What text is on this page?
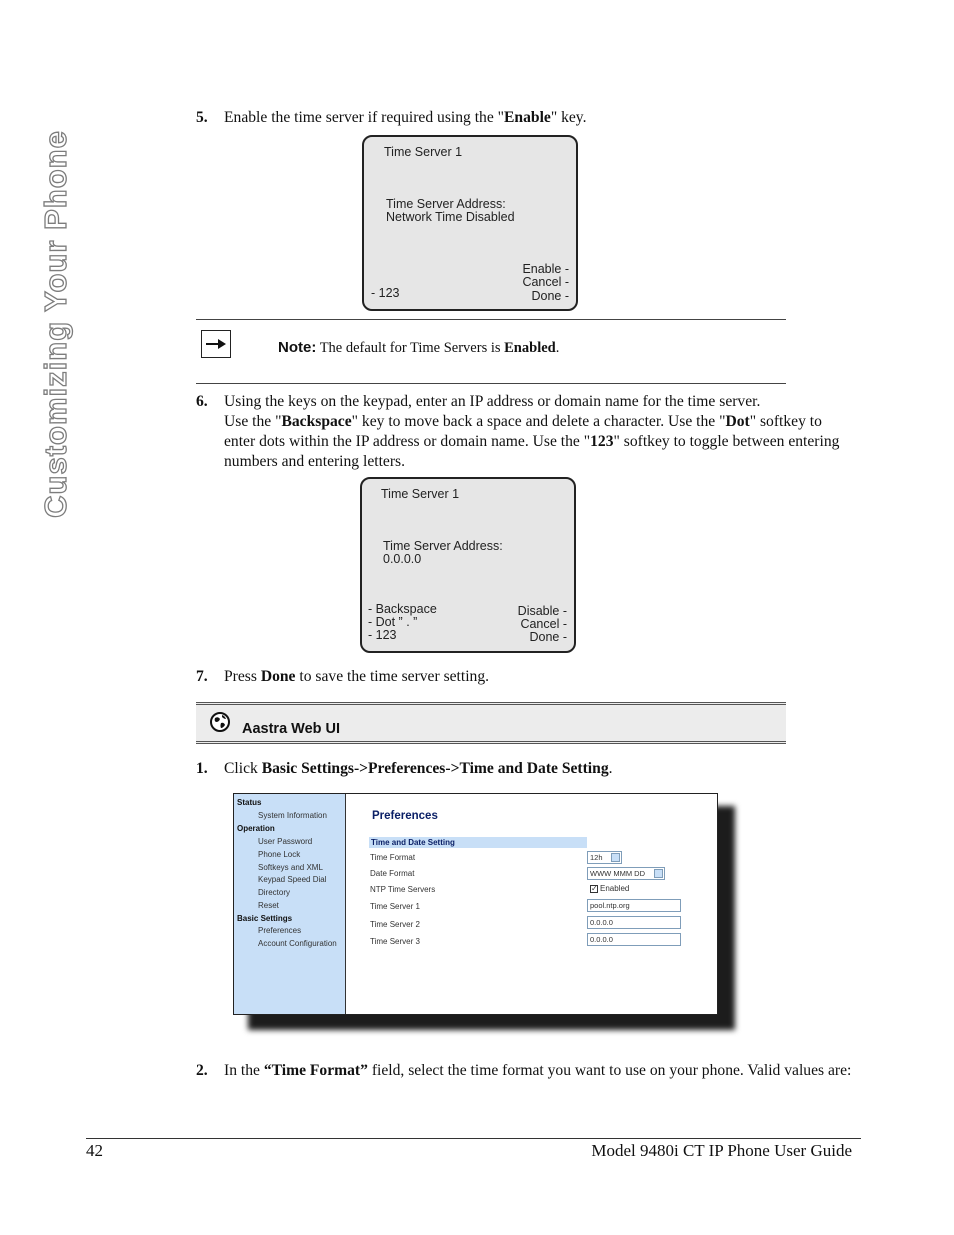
Customizing Your Phone
5. Enable the time server if required using the "Enable" key.
Time Server 1
Time Server Address:
Network Time Disabled
- 123
Enable -
Cancel -
Done -
Note: The default for Time Servers is Enabled.
6. Using the keys on the keypad, enter an IP address or domain name for the time server.
Use the "Backspace" key to move back a space and delete a character. Use the "Dot" softkey to enter dots within the IP address or domain name. Use the "123" softkey to toggle between entering numbers and entering letters.
Time Server 1
Time Server Address:
0.0.0.0
- Backspace
- Dot ” . ”
- 123
Disable -
Cancel -
Done -
7. Press Done to save the time server setting.
Aastra Web UI
1. Click Basic Settings->Preferences->Time and Date Setting.
Status
System Information
Operation
User Password
Phone Lock
Softkeys and XML
Keypad Speed Dial
Directory
Reset
Basic Settings
Preferences
Account Configuration
Preferences
Time and Date Setting
Time Format	12h
Date Format	WWW MMM DD
NTP Time Servers	✓ Enabled
Time Server 1	pool.ntp.org
Time Server 2	0.0.0.0
Time Server 3	0.0.0.0
2. In the “Time Format” field, select the time format you want to use on your phone. Valid values are:
42	Model 9480i CT IP Phone User Guide
